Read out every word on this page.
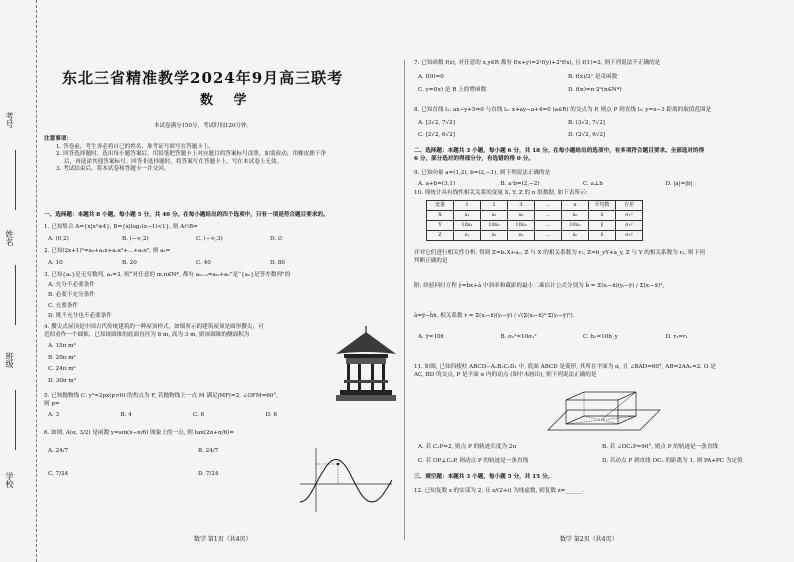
考号
姓名
班级
学校
东北三省精准教学2024年9月高三联考
数 学
本试卷满分150分，考试时间120分钟。
注意事项：
1. 答卷前，考生务必将自己的姓名、准考证号填写在答题卡上。
2. 回答选择题时，选出每小题答案后，用铅笔把答题卡上对应题目的答案标号涂黑。如需改动，用橡皮擦干净
后，再选涂其他答案标号。回答非选择题时，将答案写在答题卡上，写在本试卷上无效。
3. 考试结束后，将本试卷和答题卡一并交回。
一、选择题：本题共 8 小题，每小题 5 分，共 40 分。在每小题给出的四个选项中，只有一项是符合题目要求的。
1. 已知集合 A={x|x²≤4}, B={x|log₂(x−1)<1}, 则 A∩B=
A. (0,2)	B. (−∞,2)	C. (−∞,3)	D. ∅
2. 已知(2x+1)⁵=a₀+a₁x+a₂x²+…+a₅x⁵, 则 a₃=
A. 10	B. 20	C. 40	D. 80
3. 已知{aₙ}是无穷数列, a₁=3, 则“对任意的 m,n∈N*, 都有 aₘ₊ₙ=aₘ+aₙ”是“{aₙ}是等差数列”的
A. 充分不必要条件
B. 必要不充分条件
C. 充要条件
D. 既不充分也不必要条件
4. 攒尖式屋顶是中国古代传统建筑的一种屋顶样式，如图所示的建筑屋顶是圆形攒尖，可
近似看作一个圆锥，已知该圆锥的底面直径为 8 m, 高为 3 m, 则该圆锥的侧面积为
A. 15π m²
B. 20π m²
C. 24π m²
D. 30π m²
5. 已知抛物线 C: y²=2px(p>0) 的焦点为 F, 若抛物线上一点 M 满足|MF|=2, ∠OFM=60°,
则 p=
A. 3	B. 4	C. 6	D. 8
6. 如图, A(α, 3/2) 是函数 y=sin(x−π/6) 图象上的一点, 则 tan(2α+π/6)=
A. 24/7	B. 24/7
C. 7/24	D. 7/24
数学 第1页（共4页）
7. 已知函数 f(x), 对任意的 x,y∈R 都有 f(x+y)=2ʸf(y)+2ˣf(x), 且 f(1)=2, 则下列说法不正确的是
A. f(0)=0	B. f(x)/2ˣ 是奇函数
C. y=f(x) 是 R 上的增函数	D. f(n)=n·2ⁿ(n∈N*)
8. 已知直线 l₁: ax−y+5=0 与直线 l₂: x+ay−a+4=0 (a∈R) 的交点为 P, 则点 P 到直线 l₃: y=x−3 距离的取值范围是
A. [3√2, 7√2]	B. (3√2, 7√2]
C. [2√2, 6√2]	D. (2√2, 6√2]
二、选择题：本题共 3 小题，每小题 6 分，共 18 分。在每小题给出的选项中，有多项符合题目要求。全部选对的得
6 分，部分选对的得部分分，有选错的得 0 分。
9. 已知向量 a=(1,2), b=(2,−1), 则下列说法正确的是
A. a+b=(3,1)	B. a·b=(2,−2)	C. a⊥b	D. |a|=|b|
10. 现统计具有线性相关关系的变量 X, Y, Z 的 n 组数据, 如下表所示:
变量	1	2	3	…	n	平均数	方差
X	x₁	x₂	x₃	…	xₙ	x̄	σ₁²
Y	10x₁	10x₂	10x₃	…	10xₙ	ȳ	σ₂²
Z	z₁	z₂	z₃	…	zₙ	z̄	σ₃²
并对它们进行相关性分析, 得到 Z=bₓX+aₓ, Z 与 X 的相关系数为 r₁, Z=b_yY+a_y, Z 与 Y 的相关系数为 r₂, 则下列
判断正确的是
附: 经验回归方程 ŷ=b̂x+â 中斜率和截距的最小二乘估计公式分别为 b̂ = Σ(xᵢ−x̄)(yᵢ−ȳ) / Σ(xᵢ−x̄)²,
â=ȳ−b̂x̄, 相关系数 r = Σ(xᵢ−x̄)(yᵢ−ȳ) / √(Σ(xᵢ−x̄)²·Σ(yᵢ−ȳ)²).
A. ȳ=10x̄	B. σ₂²=10σ₁²	C. bₓ=10b_y	D. r₂=r₁
11. 如图, 已知四棱柱 ABCD−A₁B₁C₁D₁ 中, 底面 ABCD 是菱形, 其所在平面为 α, 且 ∠BAD=60°, AB=2AA₁=2. O 是
AC, BD 的交点, P 是平面 α 内的动点 (图中未画出), 则下列说法正确的是
A. 若 C₁P=2, 则点 P 的轨迹长度为 2π	B. 若 ∠OC₁P=90°, 则点 P 的轨迹是一条直线
C. 若 OP⊥C₁P, 则动点 P 的轨迹是一条直线	D. 若动点 P 到直线 OC₁ 的距离为 1, 则 PA+PC 为定值
三、填空题：本题共 3 小题，每小题 5 分，共 15 分。
12. 已知复数 z 的实部为 2, 且 z/(2+i) 为纯虚数, 则复数 z=______.
数学 第2页（共4页）
